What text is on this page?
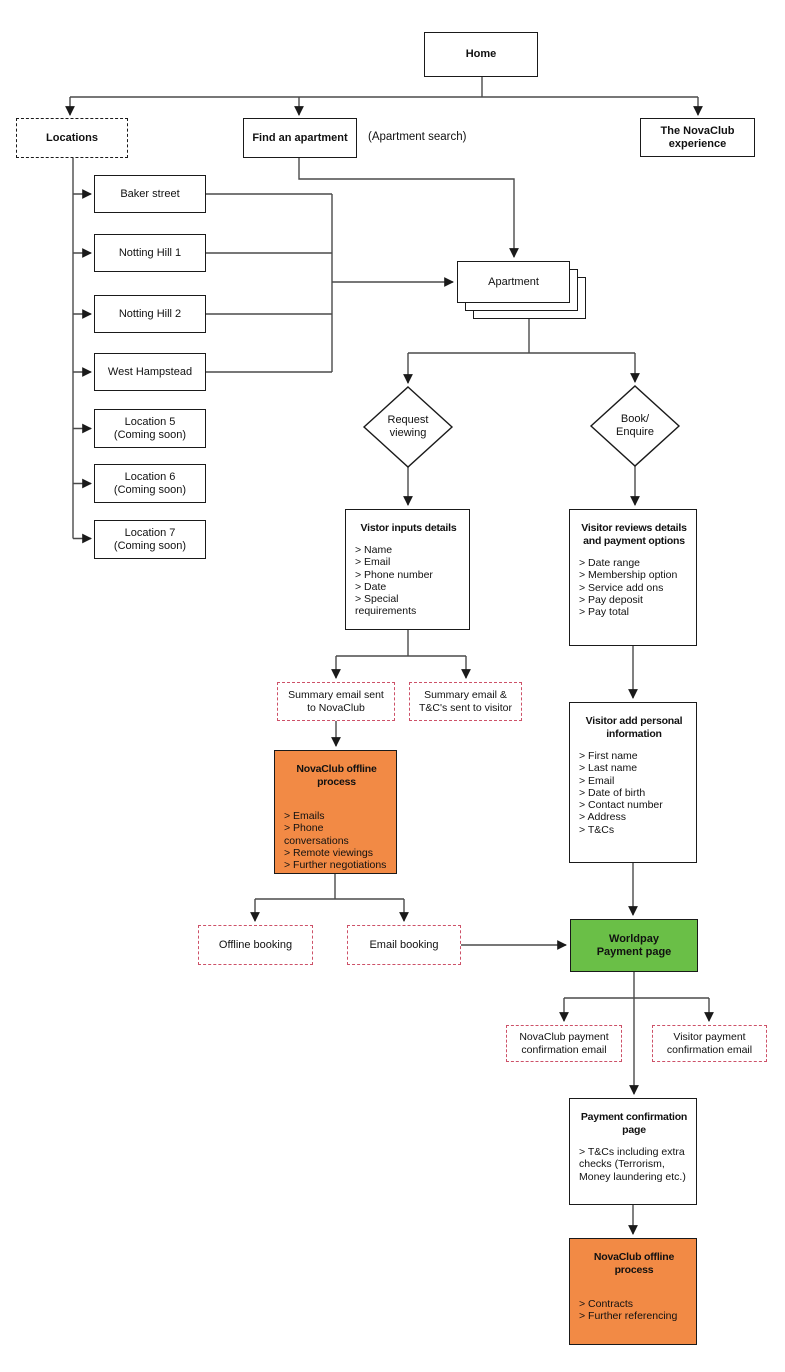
Home
Locations	Find an apartment (Apartment search)
The NovaClub experience
Baker street
Notting Hill 1
Notting Hill 2
West Hampstead
Location 5
(Coming soon)
Location 6
(Coming soon)
Location 7
(Coming soon)
Apartment
Request viewing
Book/ Enquire
Vistor inputs details
> Name
> Email
> Phone number
> Date
> Special requirements
Summary email sent to NovaClub
Summary email & T&C's sent to visitor
NovaClub offline process
> Emails
> Phone conversations
> Remote viewings
> Further negotiations
Offline booking	Email booking
Visitor reviews details and payment options
> Date range
> Membership option
> Service add ons
> Pay deposit
> Pay total
Visitor add personal information
> First name
> Last name
> Email
> Date of birth
> Contact number
> Address
> T&Cs
Worldpay Payment page
NovaClub payment confirmation email
Visitor payment confirmation email
Payment confirmation page
> T&Cs including extra checks (Terrorism, Money laundering etc.)
NovaClub offline process
> Contracts
> Further referencing
